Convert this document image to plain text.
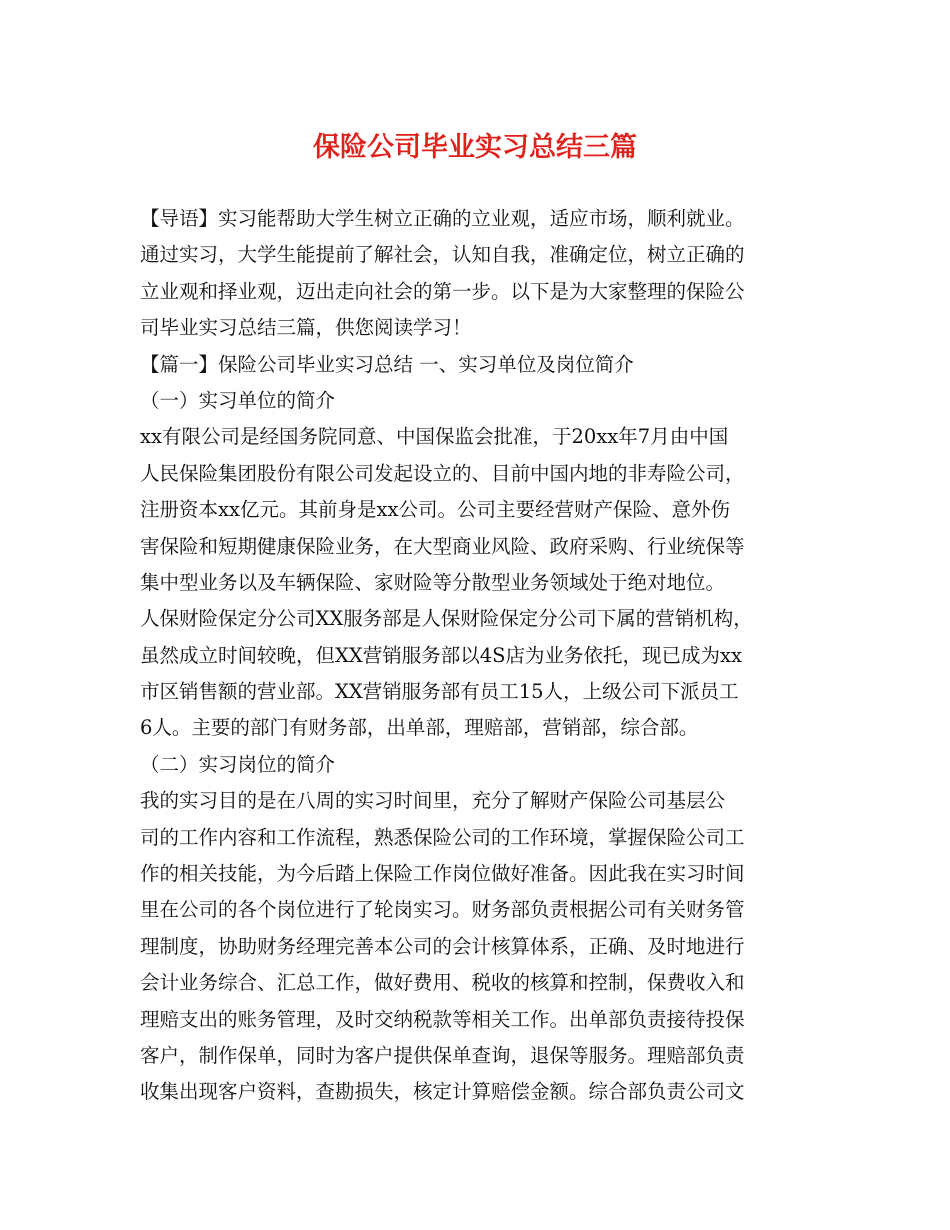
保险公司毕业实习总结三篇
【导语】实习能帮助大学生树立正确的立业观，适应市场，顺利就业。
通过实习，大学生能提前了解社会，认知自我，准确定位，树立正确的
立业观和择业观，迈出走向社会的第一步。以下是为大家整理的保险公
司毕业实习总结三篇，供您阅读学习！
【篇一】保险公司毕业实习总结 一、实习单位及岗位简介
（一）实习单位的简介
xx有限公司是经国务院同意、中国保监会批准，于20xx年7月由中国
人民保险集团股份有限公司发起设立的、目前中国内地的非寿险公司，
注册资本xx亿元。其前身是xx公司。公司主要经营财产保险、意外伤
害保险和短期健康保险业务，在大型商业风险、政府采购、行业统保等
集中型业务以及车辆保险、家财险等分散型业务领域处于绝对地位。
人保财险保定分公司XX服务部是人保财险保定分公司下属的营销机构，
虽然成立时间较晚，但XX营销服务部以4S店为业务依托，现已成为xx
市区销售额的营业部。XX营销服务部有员工15人，上级公司下派员工
6人。主要的部门有财务部，出单部，理赔部，营销部，综合部。
（二）实习岗位的简介
我的实习目的是在八周的实习时间里，充分了解财产保险公司基层公
司的工作内容和工作流程，熟悉保险公司的工作环境，掌握保险公司工
作的相关技能，为今后踏上保险工作岗位做好准备。因此我在实习时间
里在公司的各个岗位进行了轮岗实习。财务部负责根据公司有关财务管
理制度，协助财务经理完善本公司的会计核算体系，正确、及时地进行
会计业务综合、汇总工作，做好费用、税收的核算和控制，保费收入和
理赔支出的账务管理，及时交纳税款等相关工作。出单部负责接待投保
客户，制作保单，同时为客户提供保单查询，退保等服务。理赔部负责
收集出现客户资料，查勘损失，核定计算赔偿金额。综合部负责公司文
